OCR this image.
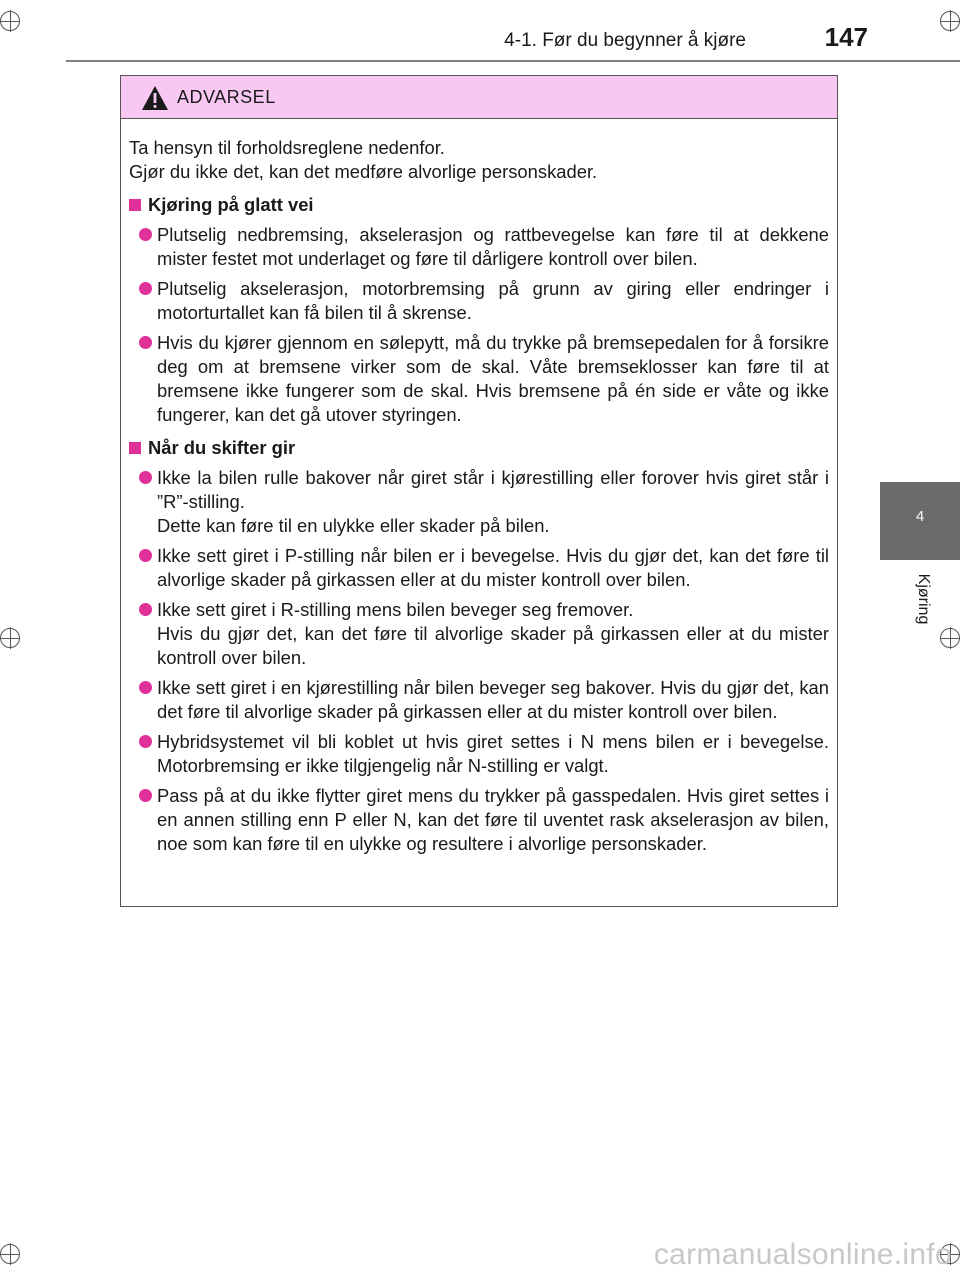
4-1. Før du begynner å kjøre	147
4
Kjøring
ADVARSEL

Ta hensyn til forholdsreglene nedenfor.

Gjør du ikke det, kan det medføre alvorlige personskader.

Kjøring på glatt vei

Plutselig nedbremsing, akselerasjon og rattbevegelse kan føre til at dekkene mister festet mot underlaget og føre til dårligere kontroll over bilen.

Plutselig akselerasjon, motorbremsing på grunn av giring eller endringer i motorturtallet kan få bilen til å skrense.

Hvis du kjører gjennom en sølepytt, må du trykke på bremsepedalen for å forsikre deg om at bremsene virker som de skal. Våte bremseklosser kan føre til at bremsene ikke fungerer som de skal. Hvis bremsene på én side er våte og ikke fungerer, kan det gå utover styringen.

Når du skifter gir

Ikke la bilen rulle bakover når giret står i kjørestilling eller forover hvis giret står i ”R”-stilling.

Dette kan føre til en ulykke eller skader på bilen.

Ikke sett giret i P-stilling når bilen er i bevegelse. Hvis du gjør det, kan det føre til alvorlige skader på girkassen eller at du mister kontroll over bilen.

Ikke sett giret i R-stilling mens bilen beveger seg fremover.

Hvis du gjør det, kan det føre til alvorlige skader på girkassen eller at du mister kontroll over bilen.

Ikke sett giret i en kjørestilling når bilen beveger seg bakover. Hvis du gjør det, kan det føre til alvorlige skader på girkassen eller at du mister kontroll over bilen.

Hybridsystemet vil bli koblet ut hvis giret settes i N mens bilen er i bevegelse. Motorbremsing er ikke tilgjengelig når N-stilling er valgt.

Pass på at du ikke flytter giret mens du trykker på gasspedalen. Hvis giret settes i en annen stilling enn P eller N, kan det føre til uventet rask akselerasjon av bilen, noe som kan føre til en ulykke og resultere i alvorlige personskader.

carmanualsonline.info
